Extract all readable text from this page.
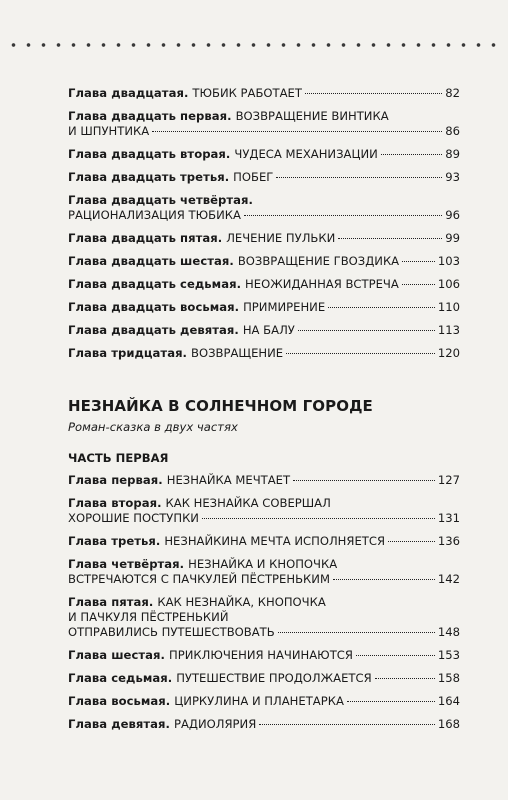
Глава двадцатая. ТЮБИК РАБОТАЕТ	82
Глава двадцать первая. ВОЗВРАЩЕНИЕ ВИНТИКА
И ШПУНТИКА	86
Глава двадцать вторая. ЧУДЕСА МЕХАНИЗАЦИИ	89
Глава двадцать третья. ПОБЕГ	93
Глава двадцать четвёртая.
РАЦИОНАЛИЗАЦИЯ ТЮБИКА	96
Глава двадцать пятая. ЛЕЧЕНИЕ ПУЛЬКИ	99
Глава двадцать шестая. ВОЗВРАЩЕНИЕ ГВОЗДИКА	103
Глава двадцать седьмая. НЕОЖИДАННАЯ ВСТРЕЧА	106
Глава двадцать восьмая. ПРИМИРЕНИЕ	110
Глава двадцать девятая. НА БАЛУ	113
Глава тридцатая. ВОЗВРАЩЕНИЕ	120
НЕЗНАЙКА В СОЛНЕЧНОМ ГОРОДЕ
Роман-сказка в двух частях
ЧАСТЬ ПЕРВАЯ
Глава первая. НЕЗНАЙКА МЕЧТАЕТ	127
Глава вторая. КАК НЕЗНАЙКА СОВЕРШАЛ
ХОРОШИЕ ПОСТУПКИ	131
Глава третья. НЕЗНАЙКИНА МЕЧТА ИСПОЛНЯЕТСЯ	136
Глава четвёртая. НЕЗНАЙКА И КНОПОЧКА
ВСТРЕЧАЮТСЯ С ПАЧКУЛЕЙ ПЁСТРЕНЬКИМ	142
Глава пятая. КАК НЕЗНАЙКА, КНОПОЧКА
И ПАЧКУЛЯ ПЁСТРЕНЬКИЙ
ОТПРАВИЛИСЬ ПУТЕШЕСТВОВАТЬ	148
Глава шестая. ПРИКЛЮЧЕНИЯ НАЧИНАЮТСЯ	153
Глава седьмая. ПУТЕШЕСТВИЕ ПРОДОЛЖАЕТСЯ	158
Глава восьмая. ЦИРКУЛИНА И ПЛАНЕТАРКА	164
Глава девятая. РАДИОЛЯРИЯ	168
